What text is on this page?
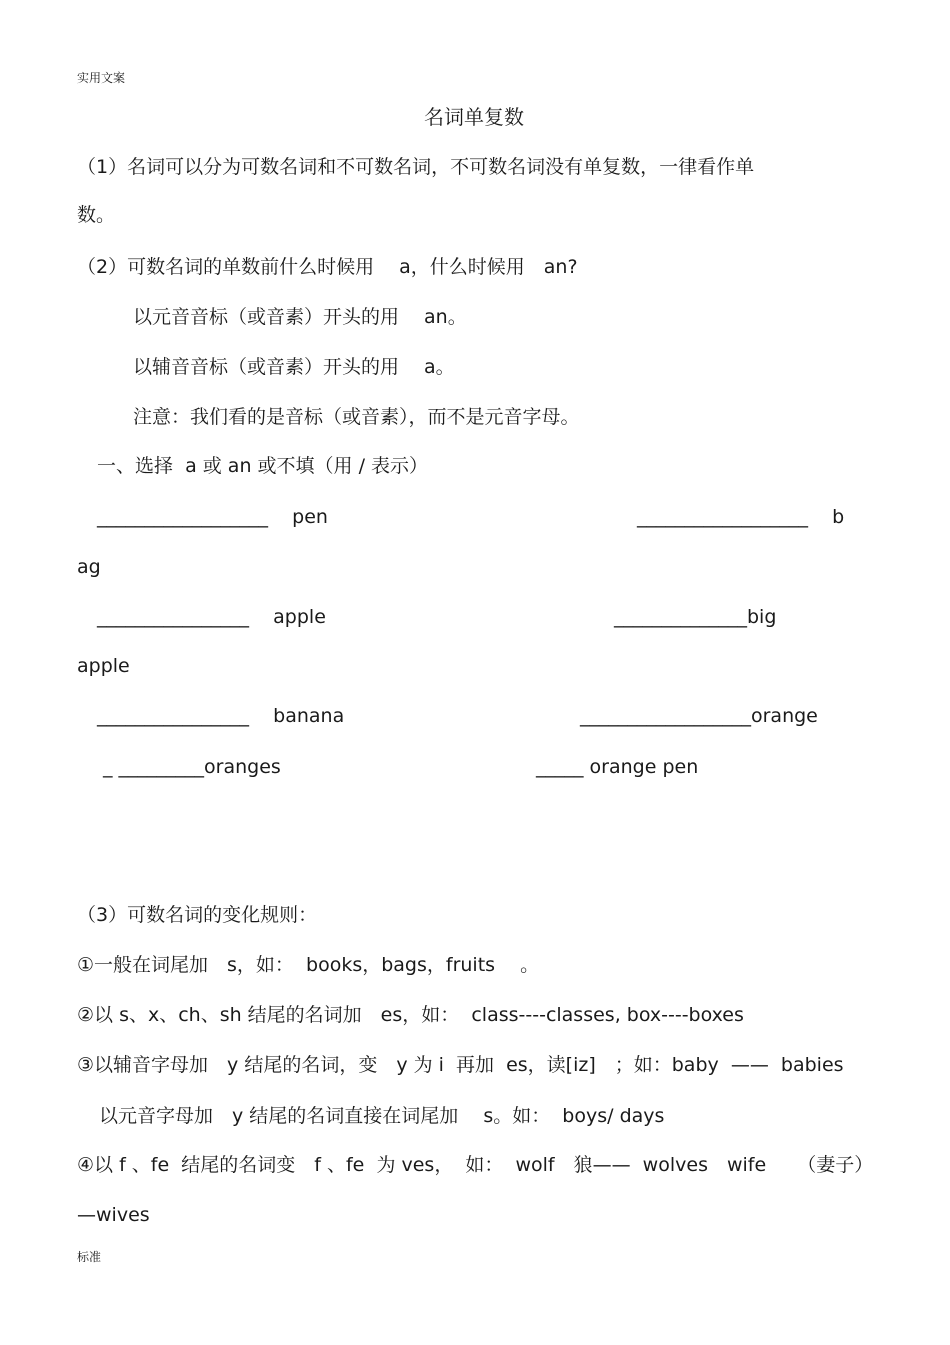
实用文案
名词单复数
（1）名词可以分为可数名词和不可数名词，不可数名词没有单复数，一律看作单
数。
（2）可数名词的单数前什么时候用　 a，什么时候用　an?
以元音音标（或音素）开头的用　 an。
以辅音音标（或音素）开头的用　 a。
注意：我们看的是音标（或音素），而不是元音字母。
一、选择  a 或 an 或不填（用 / 表示）
__________________    pen	__________________    b
ag
________________    apple	______________big
apple
________________    banana	__________________orange
_ _________oranges	_____ orange pen
（3）可数名词的变化规则：
①一般在词尾加　s，如：  books，bags，fruits　 。
②以 s、x、ch、sh 结尾的名词加　es，如：  class----classes, box----boxes
③以辅音字母加　y 结尾的名词，变　y 为 i  再加  es，读[iz]　；如：baby  ——  babies
以元音字母加　y 结尾的名词直接在词尾加　 s。如：  boys/ days
④以 f 、fe  结尾的名词变　f 、fe  为 ves，  如：  wolf　狼——  wolves　wife　  （妻子）
—wives
标准
